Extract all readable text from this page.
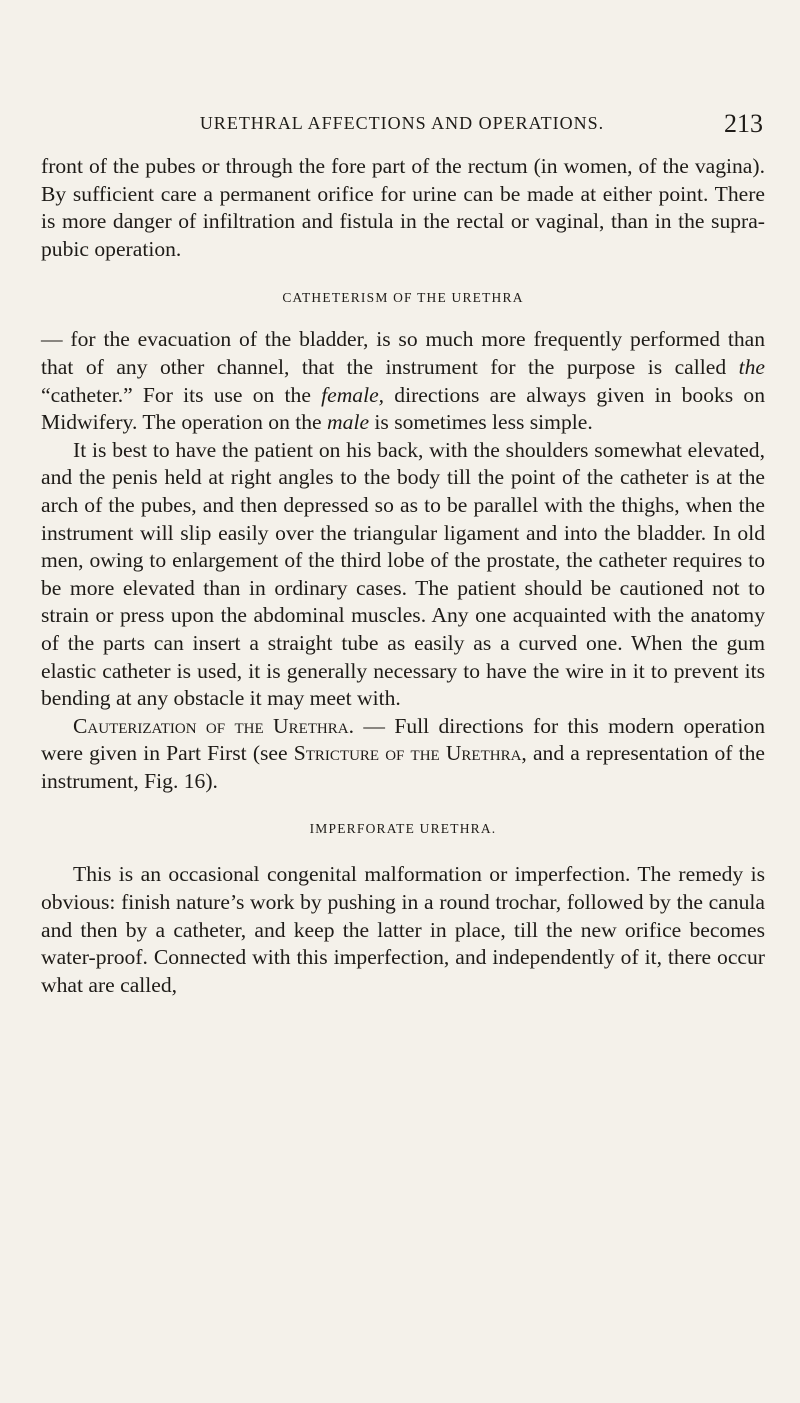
URETHRAL AFFECTIONS AND OPERATIONS.	213

front of the pubes or through the fore part of the rectum (in women, of the vagina). By sufficient care a permanent orifice for urine can be made at either point. There is more danger of infiltration and fistula in the rectal or vaginal, than in the supra-pubic operation.

CATHETERISM OF THE URETHRA

— for the evacuation of the bladder, is so much more frequently performed than that of any other channel, that the instrument for the purpose is called the “catheter.” For its use on the female, directions are always given in books on Midwifery. The operation on the male is sometimes less simple.

It is best to have the patient on his back, with the shoulders somewhat elevated, and the penis held at right angles to the body till the point of the catheter is at the arch of the pubes, and then depressed so as to be parallel with the thighs, when the instrument will slip easily over the triangular ligament and into the bladder. In old men, owing to enlargement of the third lobe of the prostate, the catheter requires to be more elevated than in ordinary cases. The patient should be cautioned not to strain or press upon the abdominal muscles. Any one acquainted with the anatomy of the parts can insert a straight tube as easily as a curved one. When the gum elastic catheter is used, it is generally necessary to have the wire in it to prevent its bending at any obstacle it may meet with.

Cauterization of the Urethra. — Full directions for this modern operation were given in Part First (see Stricture of the Urethra, and a representation of the instrument, Fig. 16).

IMPERFORATE URETHRA.

This is an occasional congenital malformation or imperfection. The remedy is obvious: finish nature’s work by pushing in a round trochar, followed by the canula and then by a catheter, and keep the latter in place, till the new orifice becomes water-proof. Connected with this imperfection, and independently of it, there occur what are called,
